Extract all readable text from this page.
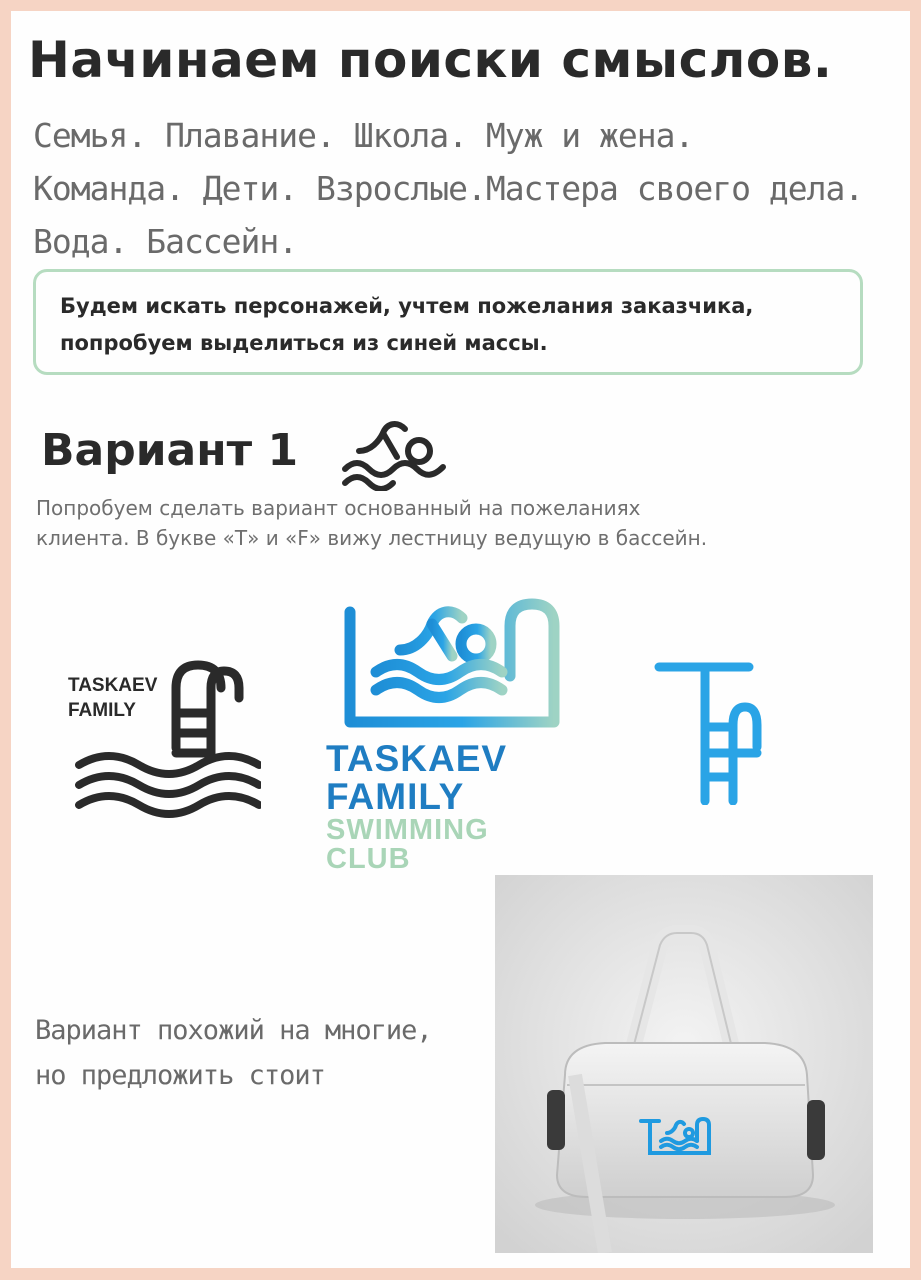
Начинаем поиски смыслов.
Семья. Плавание. Школа. Муж и жена.
Команда. Дети. Взрослые.Мастера своего дела.
Вода. Бассейн.
Будем искать персонажей, учтем пожелания заказчика,
попробуем выделиться из синей массы.
Вариант 1
Попробуем сделать вариант основанный на пожеланиях
клиента. В букве «Т» и «F» вижу лестницу ведущую в бассейн.
TASKAEV
FAMILY
TASKAEV
FAMILY
SWIMMING
CLUB
Вариант похожий на многие,
но предложить стоит
